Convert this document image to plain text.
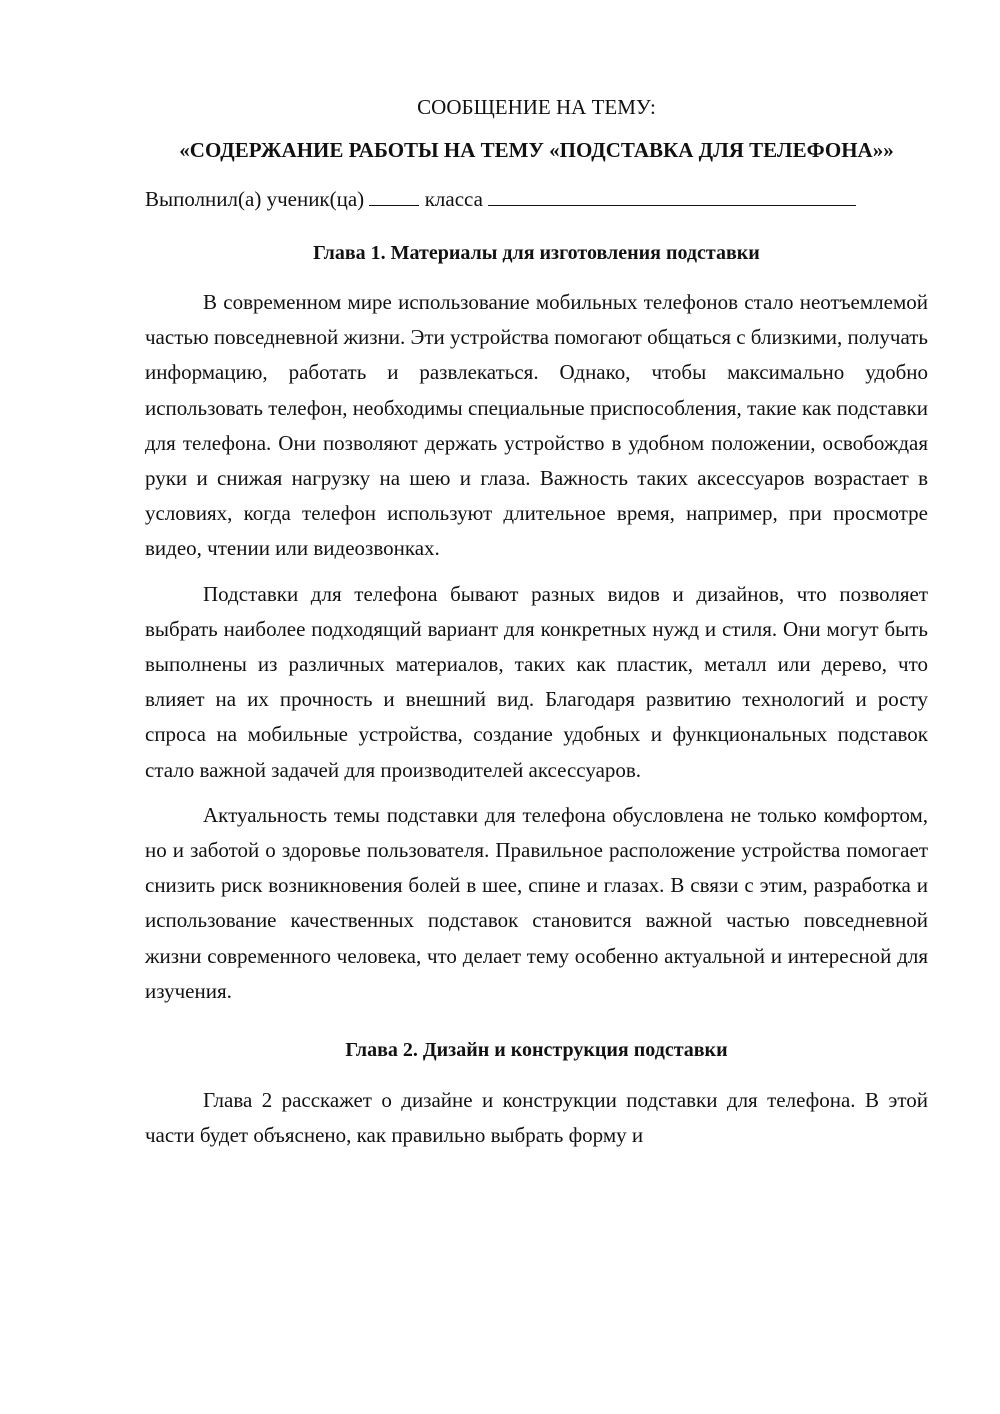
СООБЩЕНИЕ НА ТЕМУ:

«СОДЕРЖАНИЕ РАБОТЫ НА ТЕМУ «ПОДСТАВКА ДЛЯ ТЕЛЕФОНА»»

Выполнил(а) ученик(ца)	класса

Глава 1. Материалы для изготовления подставки

В современном мире использование мобильных телефонов стало неотъемлемой частью повседневной жизни. Эти устройства помогают общаться с близкими, получать информацию, работать и развлекаться. Однако, чтобы максимально удобно использовать телефон, необходимы специальные приспособления, такие как подставки для телефона. Они позволяют держать устройство в удобном положении, освобождая руки и снижая нагрузку на шею и глаза. Важность таких аксессуаров возрастает в условиях, когда телефон используют длительное время, например, при просмотре видео, чтении или видеозвонках.

Подставки для телефона бывают разных видов и дизайнов, что позволяет выбрать наиболее подходящий вариант для конкретных нужд и стиля. Они могут быть выполнены из различных материалов, таких как пластик, металл или дерево, что влияет на их прочность и внешний вид. Благодаря развитию технологий и росту спроса на мобильные устройства, создание удобных и функциональных подставок стало важной задачей для производителей аксессуаров.

Актуальность темы подставки для телефона обусловлена не только комфортом, но и заботой о здоровье пользователя. Правильное расположение устройства помогает снизить риск возникновения болей в шее, спине и глазах. В связи с этим, разработка и использование качественных подставок становится важной частью повседневной жизни современного человека, что делает тему особенно актуальной и интересной для изучения.

Глава 2. Дизайн и конструкция подставки

Глава 2 расскажет о дизайне и конструкции подставки для телефона. В этой части будет объяснено, как правильно выбрать форму и
